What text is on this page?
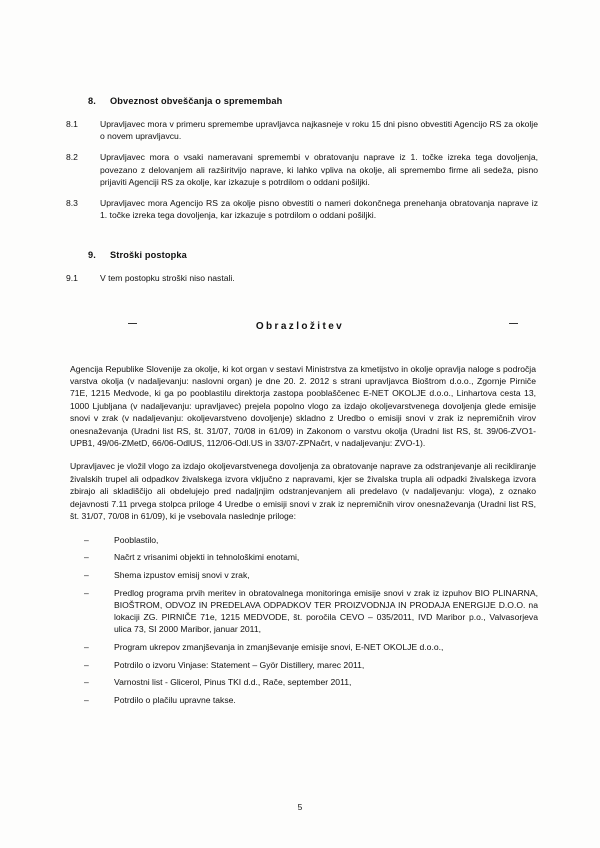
8.	Obveznost obveščanja o spremembah
8.1	Upravljavec mora v primeru spremembe upravljavca najkasneje v roku 15 dni pisno obvestiti Agencijo RS za okolje o novem upravljavcu.
8.2	Upravljavec mora o vsaki nameravani spremembi v obratovanju naprave iz 1. točke izreka tega dovoljenja, povezano z delovanjem ali razširitvijo naprave, ki lahko vpliva na okolje, ali spremembo firme ali sedeža, pisno prijaviti Agenciji RS za okolje, kar izkazuje s potrdilom o oddani pošiljki.
8.3	Upravljavec mora Agencijo RS za okolje pisno obvestiti o nameri dokončnega prenehanja obratovanja naprave iz 1. točke izreka tega dovoljenja, kar izkazuje s potrdilom o oddani pošiljki.
9.	Stroški postopka
9.1	V tem postopku stroški niso nastali.
Obrazložitev
Agencija Republike Slovenije za okolje, ki kot organ v sestavi Ministrstva za kmetijstvo in okolje opravlja naloge s področja varstva okolja (v nadaljevanju: naslovni organ) je dne 20. 2. 2012 s strani upravljavca Bioštrom d.o.o., Zgornje Pirniče 71E, 1215 Medvode, ki ga po pooblastilu direktorja zastopa pooblaščenec E-NET OKOLJE d.o.o., Linhartova cesta 13, 1000 Ljubljana (v nadaljevanju: upravljavec) prejela popolno vlogo za izdajo okoljevarstvenega dovoljenja glede emisije snovi v zrak (v nadaljevanju: okoljevarstveno dovoljenje) skladno z Uredbo o emisiji snovi v zrak iz nepremičnih virov onesnaževanja (Uradni list RS, št. 31/07, 70/08 in 61/09) in Zakonom o varstvu okolja (Uradni list RS, št. 39/06-ZVO1-UPB1, 49/06-ZMetD, 66/06-OdlUS, 112/06-Odl.US in 33/07-ZPNačrt, v nadaljevanju: ZVO-1).
Upravljavec je vložil vlogo za izdajo okoljevarstvenega dovoljenja za obratovanje naprave za odstranjevanje ali recikliranje živalskih trupel ali odpadkov živalskega izvora vključno z napravami, kjer se živalska trupla ali odpadki živalskega izvora zbirajo ali skladiščijo ali obdelujejo pred nadaljnjim odstranjevanjem ali predelavo (v nadaljevanju: vloga), z oznako dejavnosti 7.11 prvega stolpca priloge 4 Uredbe o emisiji snovi v zrak iz nepremičnih virov onesnaževanja (Uradni list RS, št. 31/07, 70/08 in 61/09), ki je vsebovala naslednje priloge:
–	Pooblastilo,
–	Načrt z vrisanimi objekti in tehnološkimi enotami,
–	Shema izpustov emisij snovi v zrak,
–	Predlog programa prvih meritev in obratovalnega monitoringa emisije snovi v zrak iz izpuhov BIO PLINARNA, BIOŠTROM, ODVOZ IN PREDELAVA ODPADKOV TER PROIZVODNJA IN PRODAJA ENERGIJE D.O.O. na lokaciji ZG. PIRNIČE 71e, 1215 MEDVODE, št. poročila CEVO – 035/2011, IVD Maribor p.o., Valvasorjeva ulica 73, SI 2000 Maribor, januar 2011,
–	Program ukrepov zmanjševanja in zmanjševanje emisije snovi, E-NET OKOLJE d.o.o.,
–	Potrdilo o izvoru Vinjase: Statement – Györ Distillery, marec 2011,
–	Varnostni list - Glicerol, Pinus TKI d.d., Rače, september 2011,
–	Potrdilo o plačilu upravne takse.
5
